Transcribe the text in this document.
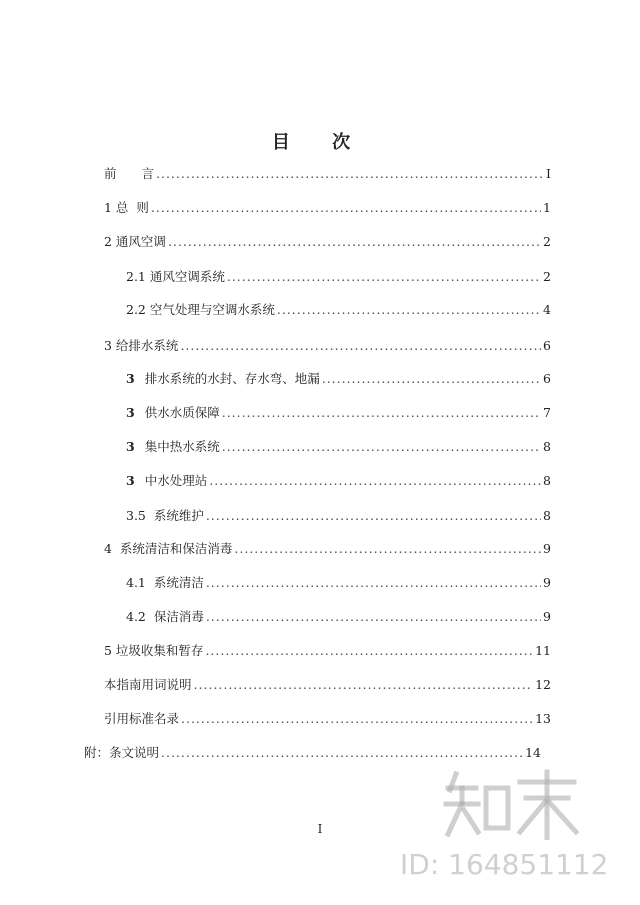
目 次
前　　言 .....	I
1 总  则 .....	1
2 通风空调 .....	2
2.1 通风空调系统 .....	2
2.2 空气处理与空调水系统 .....	4
3 给排水系统 .....	6
3 排水系统的水封、存水弯、地漏 .....	6
3 供水水质保障 .....	7
3 集中热水系统 .....	8
3 中水处理站 .....	8
3.5  系统维护 .....	8
4  系统清洁和保洁消毒 .....	9
4.1  系统清洁 .....	9
4.2  保洁消毒 .....	9
5 垃圾收集和暂存 .....	11
本指南用词说明 .....	12
引用标准名录 .....	13
附：条文说明 .....	14
I
ID: 164851112
